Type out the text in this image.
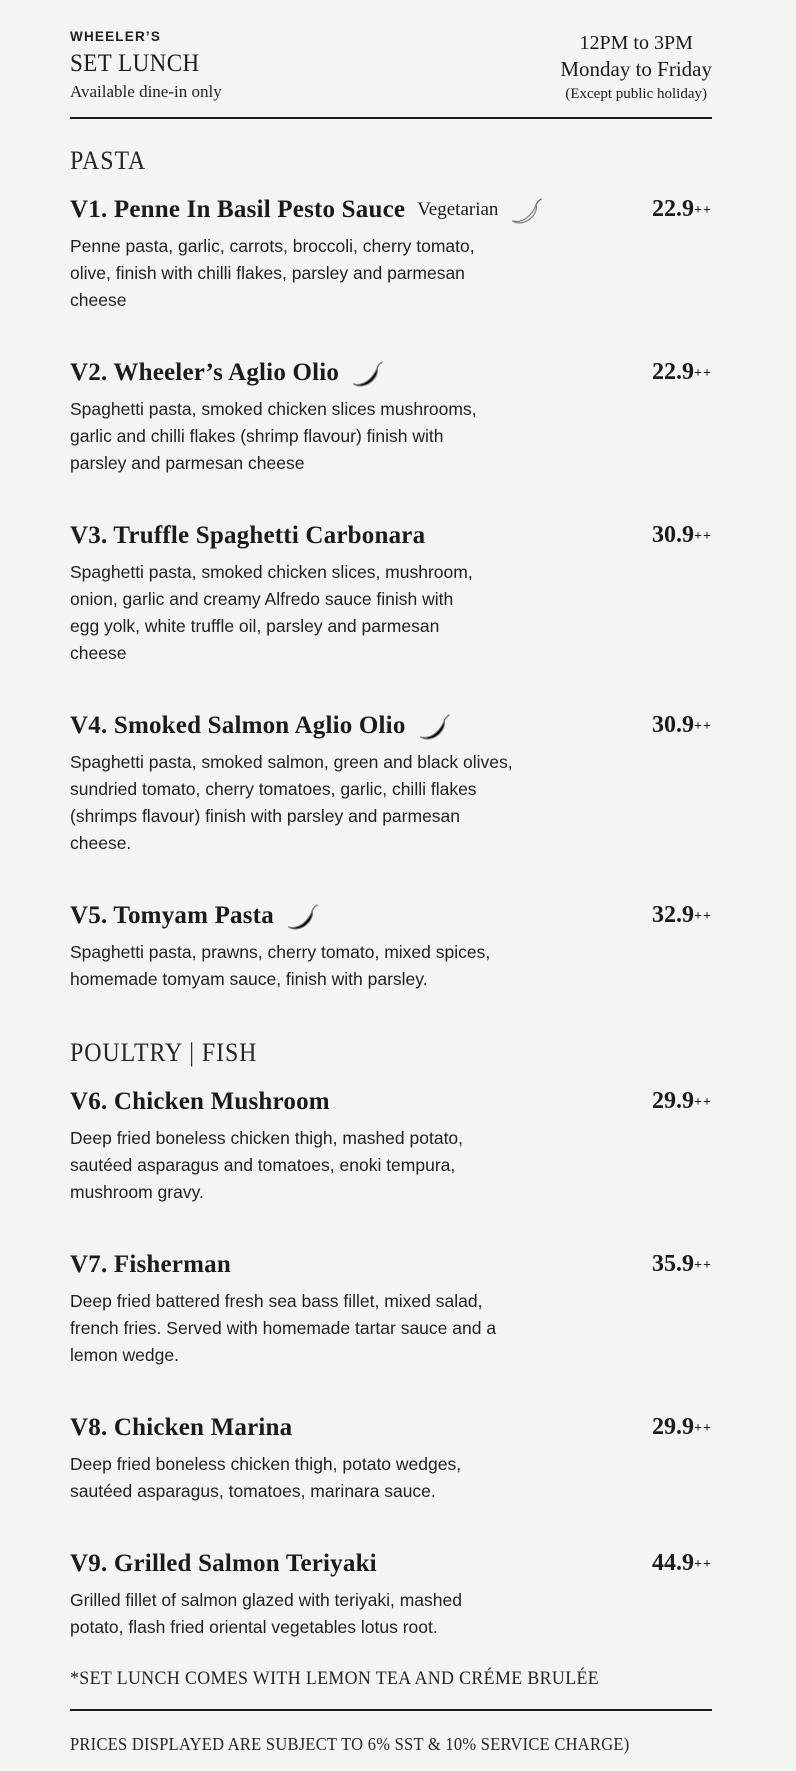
WHEELER’S
SET LUNCH
Available dine-in only
12PM to 3PM
Monday to Friday
(Except public holiday)
PASTA
V1. Penne In Basil Pesto Sauce Vegetarian	22.9++

Penne pasta, garlic, carrots, broccoli, cherry tomato,
olive, finish with chilli flakes, parsley and parmesan
cheese

V2. Wheeler’s Aglio Olio	22.9++

Spaghetti pasta, smoked chicken slices mushrooms,
garlic and chilli flakes (shrimp flavour) finish with
parsley and parmesan cheese

V3. Truffle Spaghetti Carbonara	30.9++

Spaghetti pasta, smoked chicken slices, mushroom,
onion, garlic and creamy Alfredo sauce finish with
egg yolk, white truffle oil, parsley and parmesan
cheese

V4. Smoked Salmon Aglio Olio	30.9++

Spaghetti pasta, smoked salmon, green and black olives,
sundried tomato, cherry tomatoes, garlic, chilli flakes
(shrimps flavour) finish with parsley and parmesan
cheese.

V5. Tomyam Pasta	32.9++

Spaghetti pasta, prawns, cherry tomato, mixed spices,
homemade tomyam sauce, finish with parsley.

POULTRY | FISH
V6. Chicken Mushroom	29.9++

Deep fried boneless chicken thigh, mashed potato,
sautéed asparagus and tomatoes, enoki tempura,
mushroom gravy.

V7. Fisherman	35.9++

Deep fried battered fresh sea bass fillet, mixed salad,
french fries. Served with homemade tartar sauce and a
lemon wedge.

V8. Chicken Marina	29.9++

Deep fried boneless chicken thigh, potato wedges,
sautéed asparagus, tomatoes, marinara sauce.

V9. Grilled Salmon Teriyaki	44.9++

Grilled fillet of salmon glazed with teriyaki, mashed
potato, flash fried oriental vegetables lotus root.

*SET LUNCH COMES WITH LEMON TEA AND CRÉME BRULÉE
PRICES DISPLAYED ARE SUBJECT TO 6% SST & 10% SERVICE CHARGE)
